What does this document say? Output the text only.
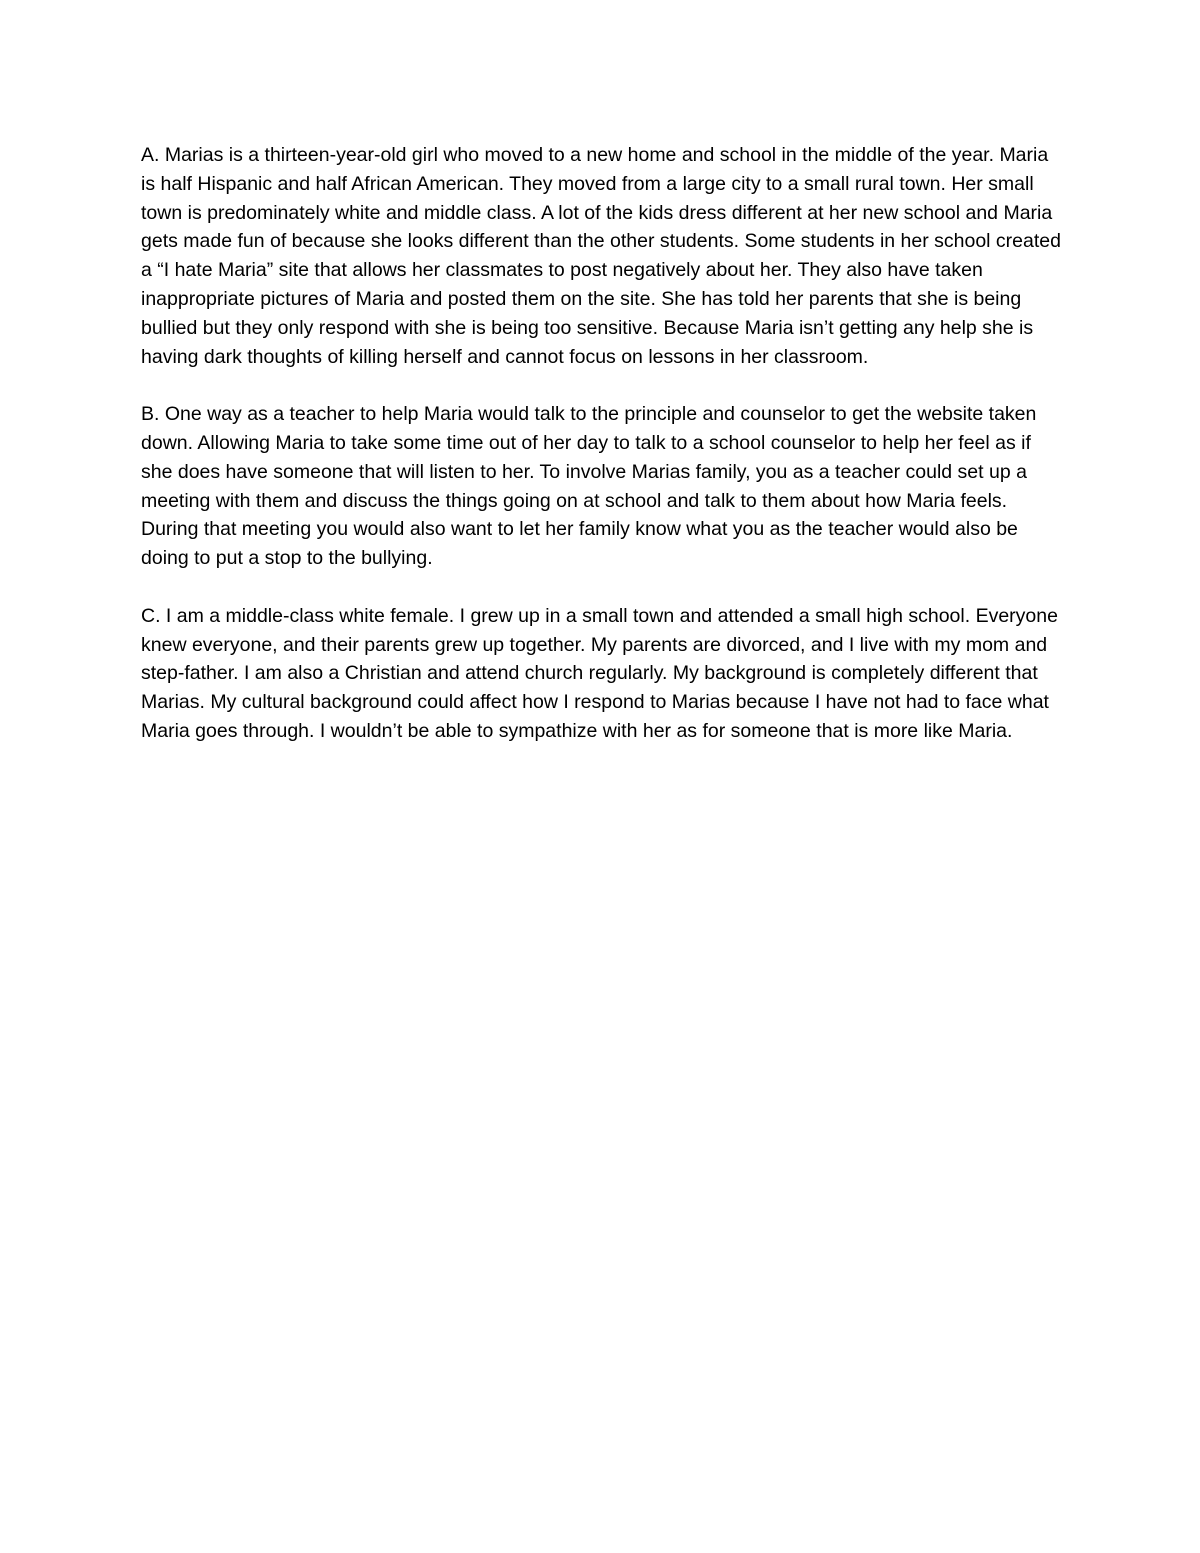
A. Marias is a thirteen-year-old girl who moved to a new home and school in the middle of the year. Maria is half Hispanic and half African American. They moved from a large city to a small rural town. Her small town is predominately white and middle class. A lot of the kids dress different at her new school and Maria gets made fun of because she looks different than the other students. Some students in her school created a “I hate Maria” site that allows her classmates to post negatively about her. They also have taken inappropriate pictures of Maria and posted them on the site. She has told her parents that she is being bullied but they only respond with she is being too sensitive. Because Maria isn’t getting any help she is having dark thoughts of killing herself and cannot focus on lessons in her classroom.

B. One way as a teacher to help Maria would talk to the principle and counselor to get the website taken down. Allowing Maria to take some time out of her day to talk to a school counselor to help her feel as if she does have someone that will listen to her. To involve Marias family, you as a teacher could set up a meeting with them and discuss the things going on at school and talk to them about how Maria feels. During that meeting you would also want to let her family know what you as the teacher would also be doing to put a stop to the bullying.

C. I am a middle-class white female. I grew up in a small town and attended a small high school. Everyone knew everyone, and their parents grew up together. My parents are divorced, and I live with my mom and step-father. I am also a Christian and attend church regularly. My background is completely different that Marias. My cultural background could affect how I respond to Marias because I have not had to face what Maria goes through. I wouldn’t be able to sympathize with her as for someone that is more like Maria.
